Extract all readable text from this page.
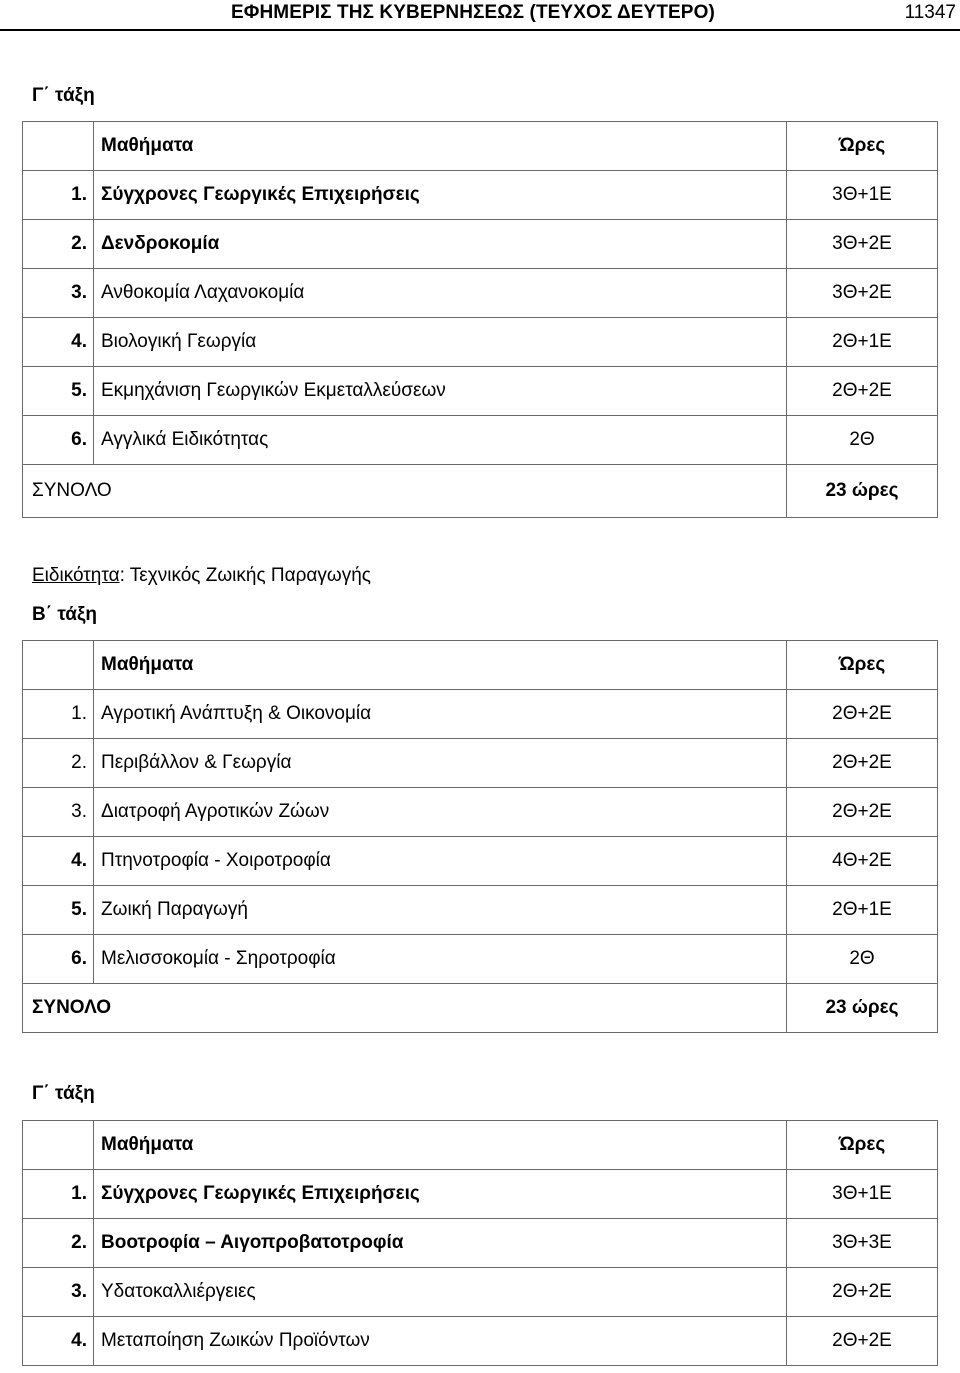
ΕΦΗΜΕΡΙΣ ΤΗΣ ΚΥΒΕΡΝΗΣΕΩΣ (ΤΕΥΧΟΣ ΔΕΥΤΕΡΟ)	11347
Γ΄ τάξη
	Μαθήματα	Ώρες
1.	Σύγχρονες Γεωργικές Επιχειρήσεις	3Θ+1Ε
2.	Δενδροκομία	3Θ+2Ε
3.	Ανθοκομία Λαχανοκομία	3Θ+2Ε
4.	Βιολογική Γεωργία	2Θ+1Ε
5.	Εκμηχάνιση Γεωργικών Εκμεταλλεύσεων	2Θ+2Ε
6.	Αγγλικά Ειδικότητας	2Θ
ΣΥΝΟΛΟ		23 ώρες
Ειδικότητα: Τεχνικός Ζωικής Παραγωγής
Β΄ τάξη
	Μαθήματα	Ώρες
1.	Αγροτική Ανάπτυξη & Οικονομία	2Θ+2Ε
2.	Περιβάλλον & Γεωργία	2Θ+2Ε
3.	Διατροφή Αγροτικών Ζώων	2Θ+2Ε
4.	Πτηνοτροφία - Χοιροτροφία	4Θ+2Ε
5.	Ζωική Παραγωγή	2Θ+1Ε
6.	Μελισσοκομία - Σηροτροφία	2Θ
ΣΥΝΟΛΟ		23 ώρες
Γ΄ τάξη
	Μαθήματα	Ώρες
1.	Σύγχρονες Γεωργικές Επιχειρήσεις	3Θ+1Ε
2.	Βοοτροφία – Αιγοπροβατοτροφία	3Θ+3Ε
3.	Υδατοκαλλιέργειες	2Θ+2Ε
4.	Μεταποίηση Ζωικών Προϊόντων	2Θ+2Ε
